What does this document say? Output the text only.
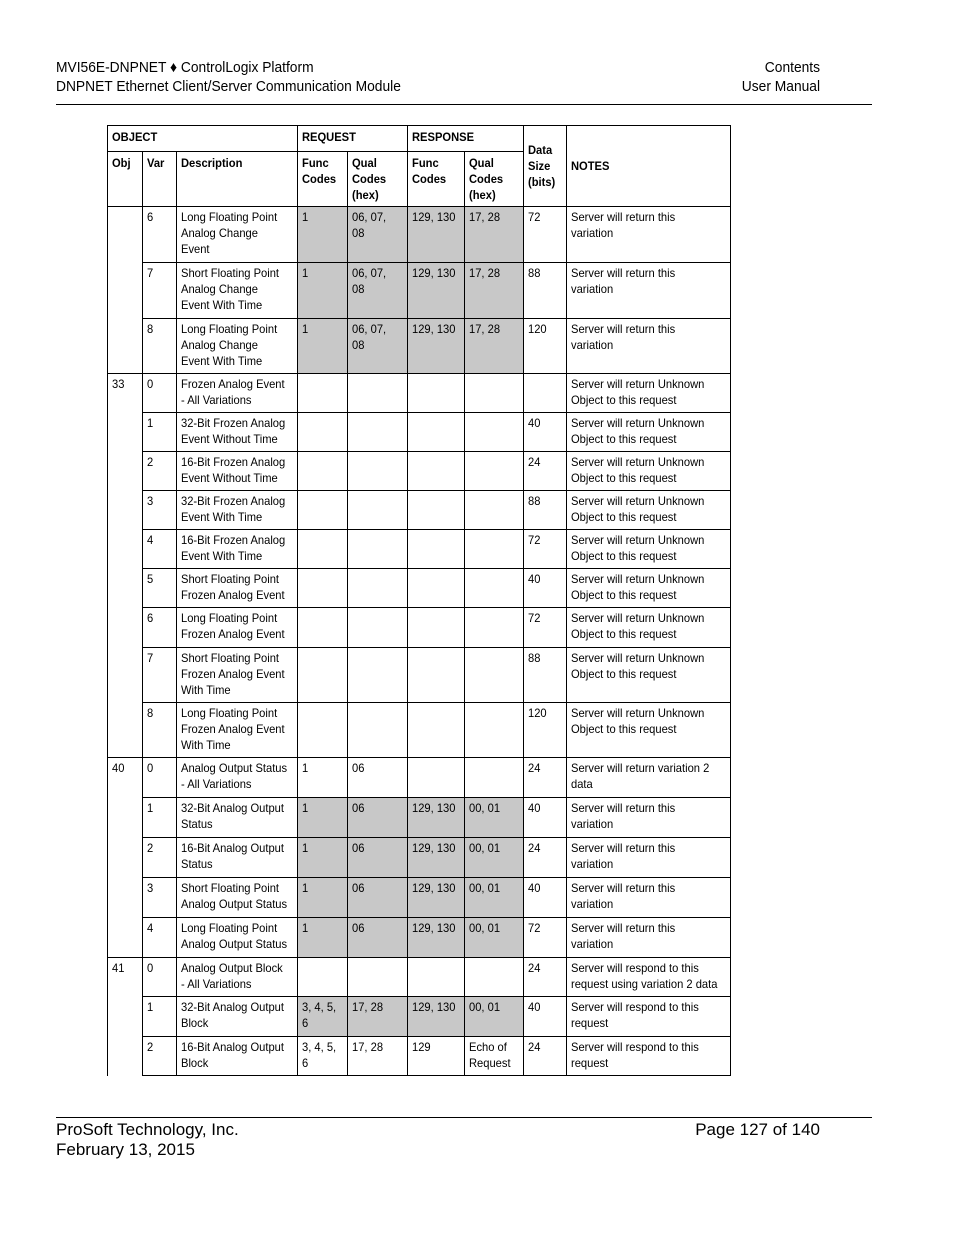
MVI56E-DNPNET ♦ ControlLogix Platform
DNPNET Ethernet Client/Server Communication Module
Contents
User Manual
OBJECT			REQUEST		RESPONSE		Data
Size
(bits)	NOTES

Obj	Var	Description	Func
Codes	Qual
Codes
(hex)	Func
Codes	Qual
Codes
(hex)		

	6	Long Floating Point
Analog Change
Event	1	06, 07,
08	129, 130	17, 28	72	Server will return this
variation

	7	Short Floating Point
Analog Change
Event With Time	1	06, 07,
08	129, 130	17, 28	88	Server will return this
variation

	8	Long Floating Point
Analog Change
Event With Time	1	06, 07,
08	129, 130	17, 28	120	Server will return this
variation

33	0	Frozen Analog Event
- All Variations						Server will return Unknown
Object to this request

	1	32-Bit Frozen Analog
Event Without Time					40	Server will return Unknown
Object to this request

	2	16-Bit Frozen Analog
Event Without Time					24	Server will return Unknown
Object to this request

	3	32-Bit Frozen Analog
Event With Time					88	Server will return Unknown
Object to this request

	4	16-Bit Frozen Analog
Event With Time					72	Server will return Unknown
Object to this request

	5	Short Floating Point
Frozen Analog Event					40	Server will return Unknown
Object to this request

	6	Long Floating Point
Frozen Analog Event					72	Server will return Unknown
Object to this request

	7	Short Floating Point
Frozen Analog Event
With Time					88	Server will return Unknown
Object to this request

	8	Long Floating Point
Frozen Analog Event
With Time					120	Server will return Unknown
Object to this request

40	0	Analog Output Status
- All Variations	1	06			24	Server will return variation 2
data

	1	32-Bit Analog Output
Status	1	06	129, 130	00, 01	40	Server will return this
variation

	2	16-Bit Analog Output
Status	1	06	129, 130	00, 01	24	Server will return this
variation

	3	Short Floating Point
Analog Output Status	1	06	129, 130	00, 01	40	Server will return this
variation

	4	Long Floating Point
Analog Output Status	1	06	129, 130	00, 01	72	Server will return this
variation

41	0	Analog Output Block
- All Variations					24	Server will respond to this
request using variation 2 data

	1	32-Bit Analog Output
Block	3, 4, 5,
6	17, 28	129, 130	00, 01	40	Server will respond to this
request

	2	16-Bit Analog Output
Block	3, 4, 5,
6	17, 28	129	Echo of
Request	24	Server will respond to this
request
ProSoft Technology, Inc.
February 13, 2015
Page 127 of 140
